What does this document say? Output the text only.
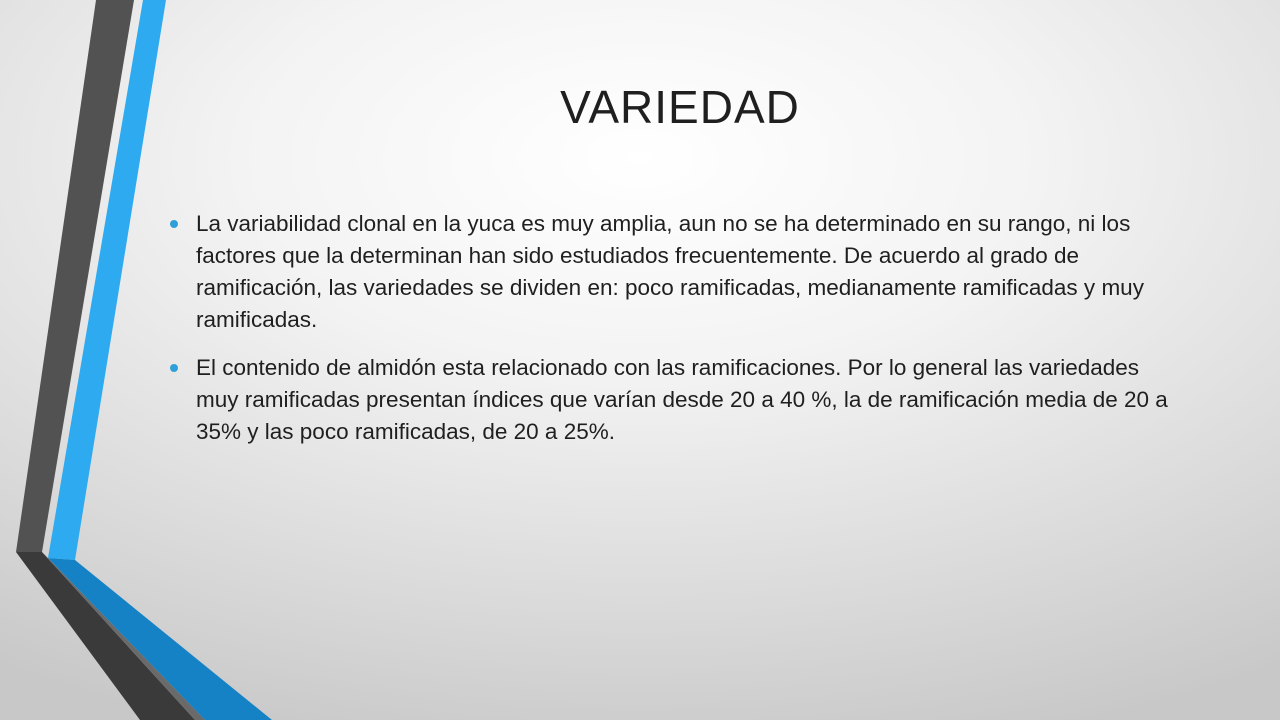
VARIEDAD
La variabilidad clonal en la yuca es muy amplia, aun no se ha determinado en su rango, ni los factores que la determinan han sido estudiados frecuentemente. De acuerdo al grado de ramificación, las variedades se dividen en: poco ramificadas, medianamente ramificadas y muy ramificadas.
El contenido de almidón esta relacionado con las ramificaciones. Por lo general las variedades muy ramificadas presentan índices que varían desde 20 a 40 %, la de ramificación media de 20 a 35% y las poco ramificadas, de 20 a 25%.
